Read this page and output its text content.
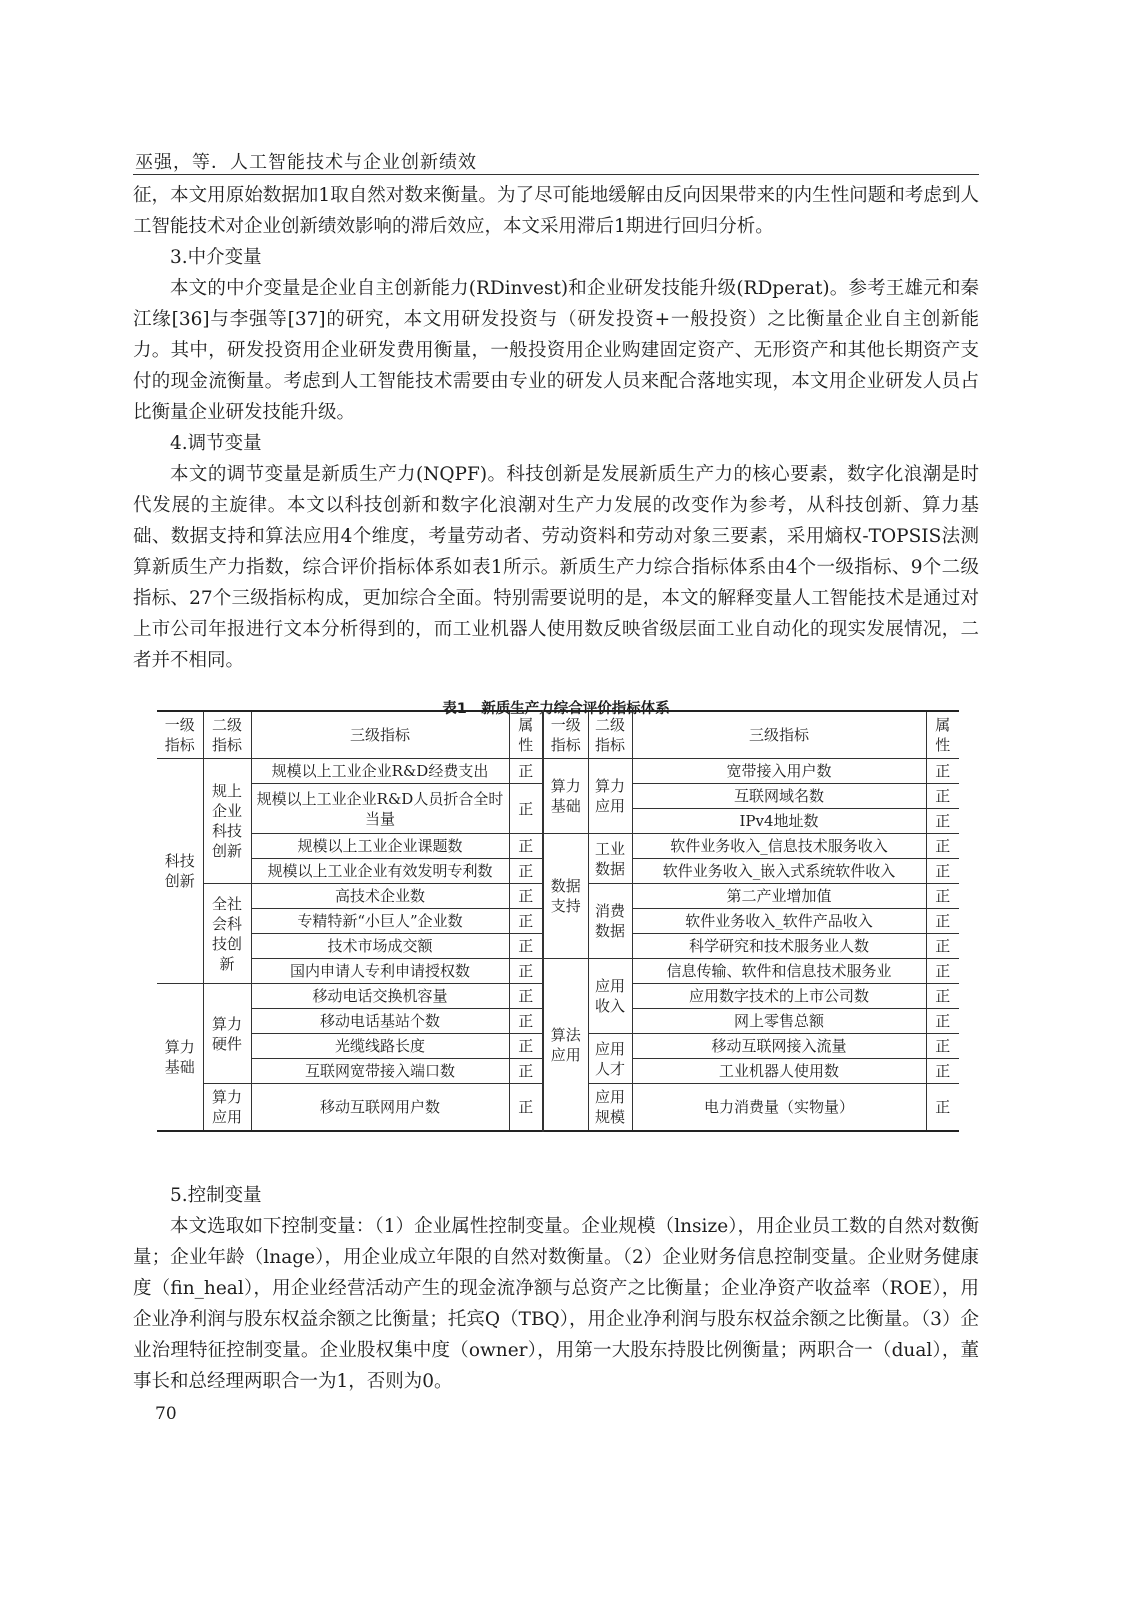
巫强，等．人工智能技术与企业创新绩效

征，本文用原始数据加1取自然对数来衡量。为了尽可能地缓解由反向因果带来的内生性问题和考虑到人工智能技术对企业创新绩效影响的滞后效应，本文采用滞后1期进行回归分析。

3.中介变量

本文的中介变量是企业自主创新能力(RDinvest)和企业研发技能升级(RDperat)。参考王雄元和秦江缘[36]与李强等[37]的研究，本文用研发投资与（研发投资+一般投资）之比衡量企业自主创新能力。其中，研发投资用企业研发费用衡量，一般投资用企业购建固定资产、无形资产和其他长期资产支付的现金流衡量。考虑到人工智能技术需要由专业的研发人员来配合落地实现，本文用企业研发人员占比衡量企业研发技能升级。

4.调节变量

本文的调节变量是新质生产力(NQPF)。科技创新是发展新质生产力的核心要素，数字化浪潮是时代发展的主旋律。本文以科技创新和数字化浪潮对生产力发展的改变作为参考，从科技创新、算力基础、数据支持和算法应用4个维度，考量劳动者、劳动资料和劳动对象三要素，采用熵权-TOPSIS法测算新质生产力指数，综合评价指标体系如表1所示。新质生产力综合指标体系由4个一级指标、9个二级指标、27个三级指标构成，更加综合全面。特别需要说明的是，本文的解释变量人工智能技术是通过对上市公司年报进行文本分析得到的，而工业机器人使用数反映省级层面工业自动化的现实发展情况，二者并不相同。

表1　新质生产力综合评价指标体系
一级指标	二级指标	三级指标	属性	一级指标	二级指标	三级指标	属性
科技创新	规上企业科技创新	规模以上工业企业R&D经费支出	正	算力基础	算力应用	宽带接入用户数	正
		规模以上工业企业R&D人员折合全时当量	正			互联网域名数	正
						IPv4地址数	正
		规模以上工业企业课题数	正	数据支持	工业数据	软件业务收入_信息技术服务收入	正
		规模以上工业企业有效发明专利数	正			软件业务收入_嵌入式系统软件收入	正
	全社会科技创新	高技术企业数	正		消费数据	第二产业增加值	正
		专精特新“小巨人”企业数	正			软件业务收入_软件产品收入	正
		技术市场成交额	正			科学研究和技术服务业人数	正
		国内申请人专利申请授权数	正	算法应用	应用收入	信息传输、软件和信息技术服务业	正
算力基础	算力硬件	移动电话交换机容量	正			应用数字技术的上市公司数	正
		移动电话基站个数	正			网上零售总额	正
		光缆线路长度	正		应用人才	移动互联网接入流量	正
		互联网宽带接入端口数	正			工业机器人使用数	正
	算力应用	移动互联网用户数	正		应用规模	电力消费量（实物量）	正

5.控制变量

本文选取如下控制变量：（1）企业属性控制变量。企业规模（lnsize），用企业员工数的自然对数衡量；企业年龄（lnage），用企业成立年限的自然对数衡量。（2）企业财务信息控制变量。企业财务健康度（fin_heal），用企业经营活动产生的现金流净额与总资产之比衡量；企业净资产收益率（ROE），用企业净利润与股东权益余额之比衡量；托宾Q（TBQ），用企业净利润与股东权益余额之比衡量。（3）企业治理特征控制变量。企业股权集中度（owner），用第一大股东持股比例衡量；两职合一（dual），董事长和总经理两职合一为1，否则为0。

70
